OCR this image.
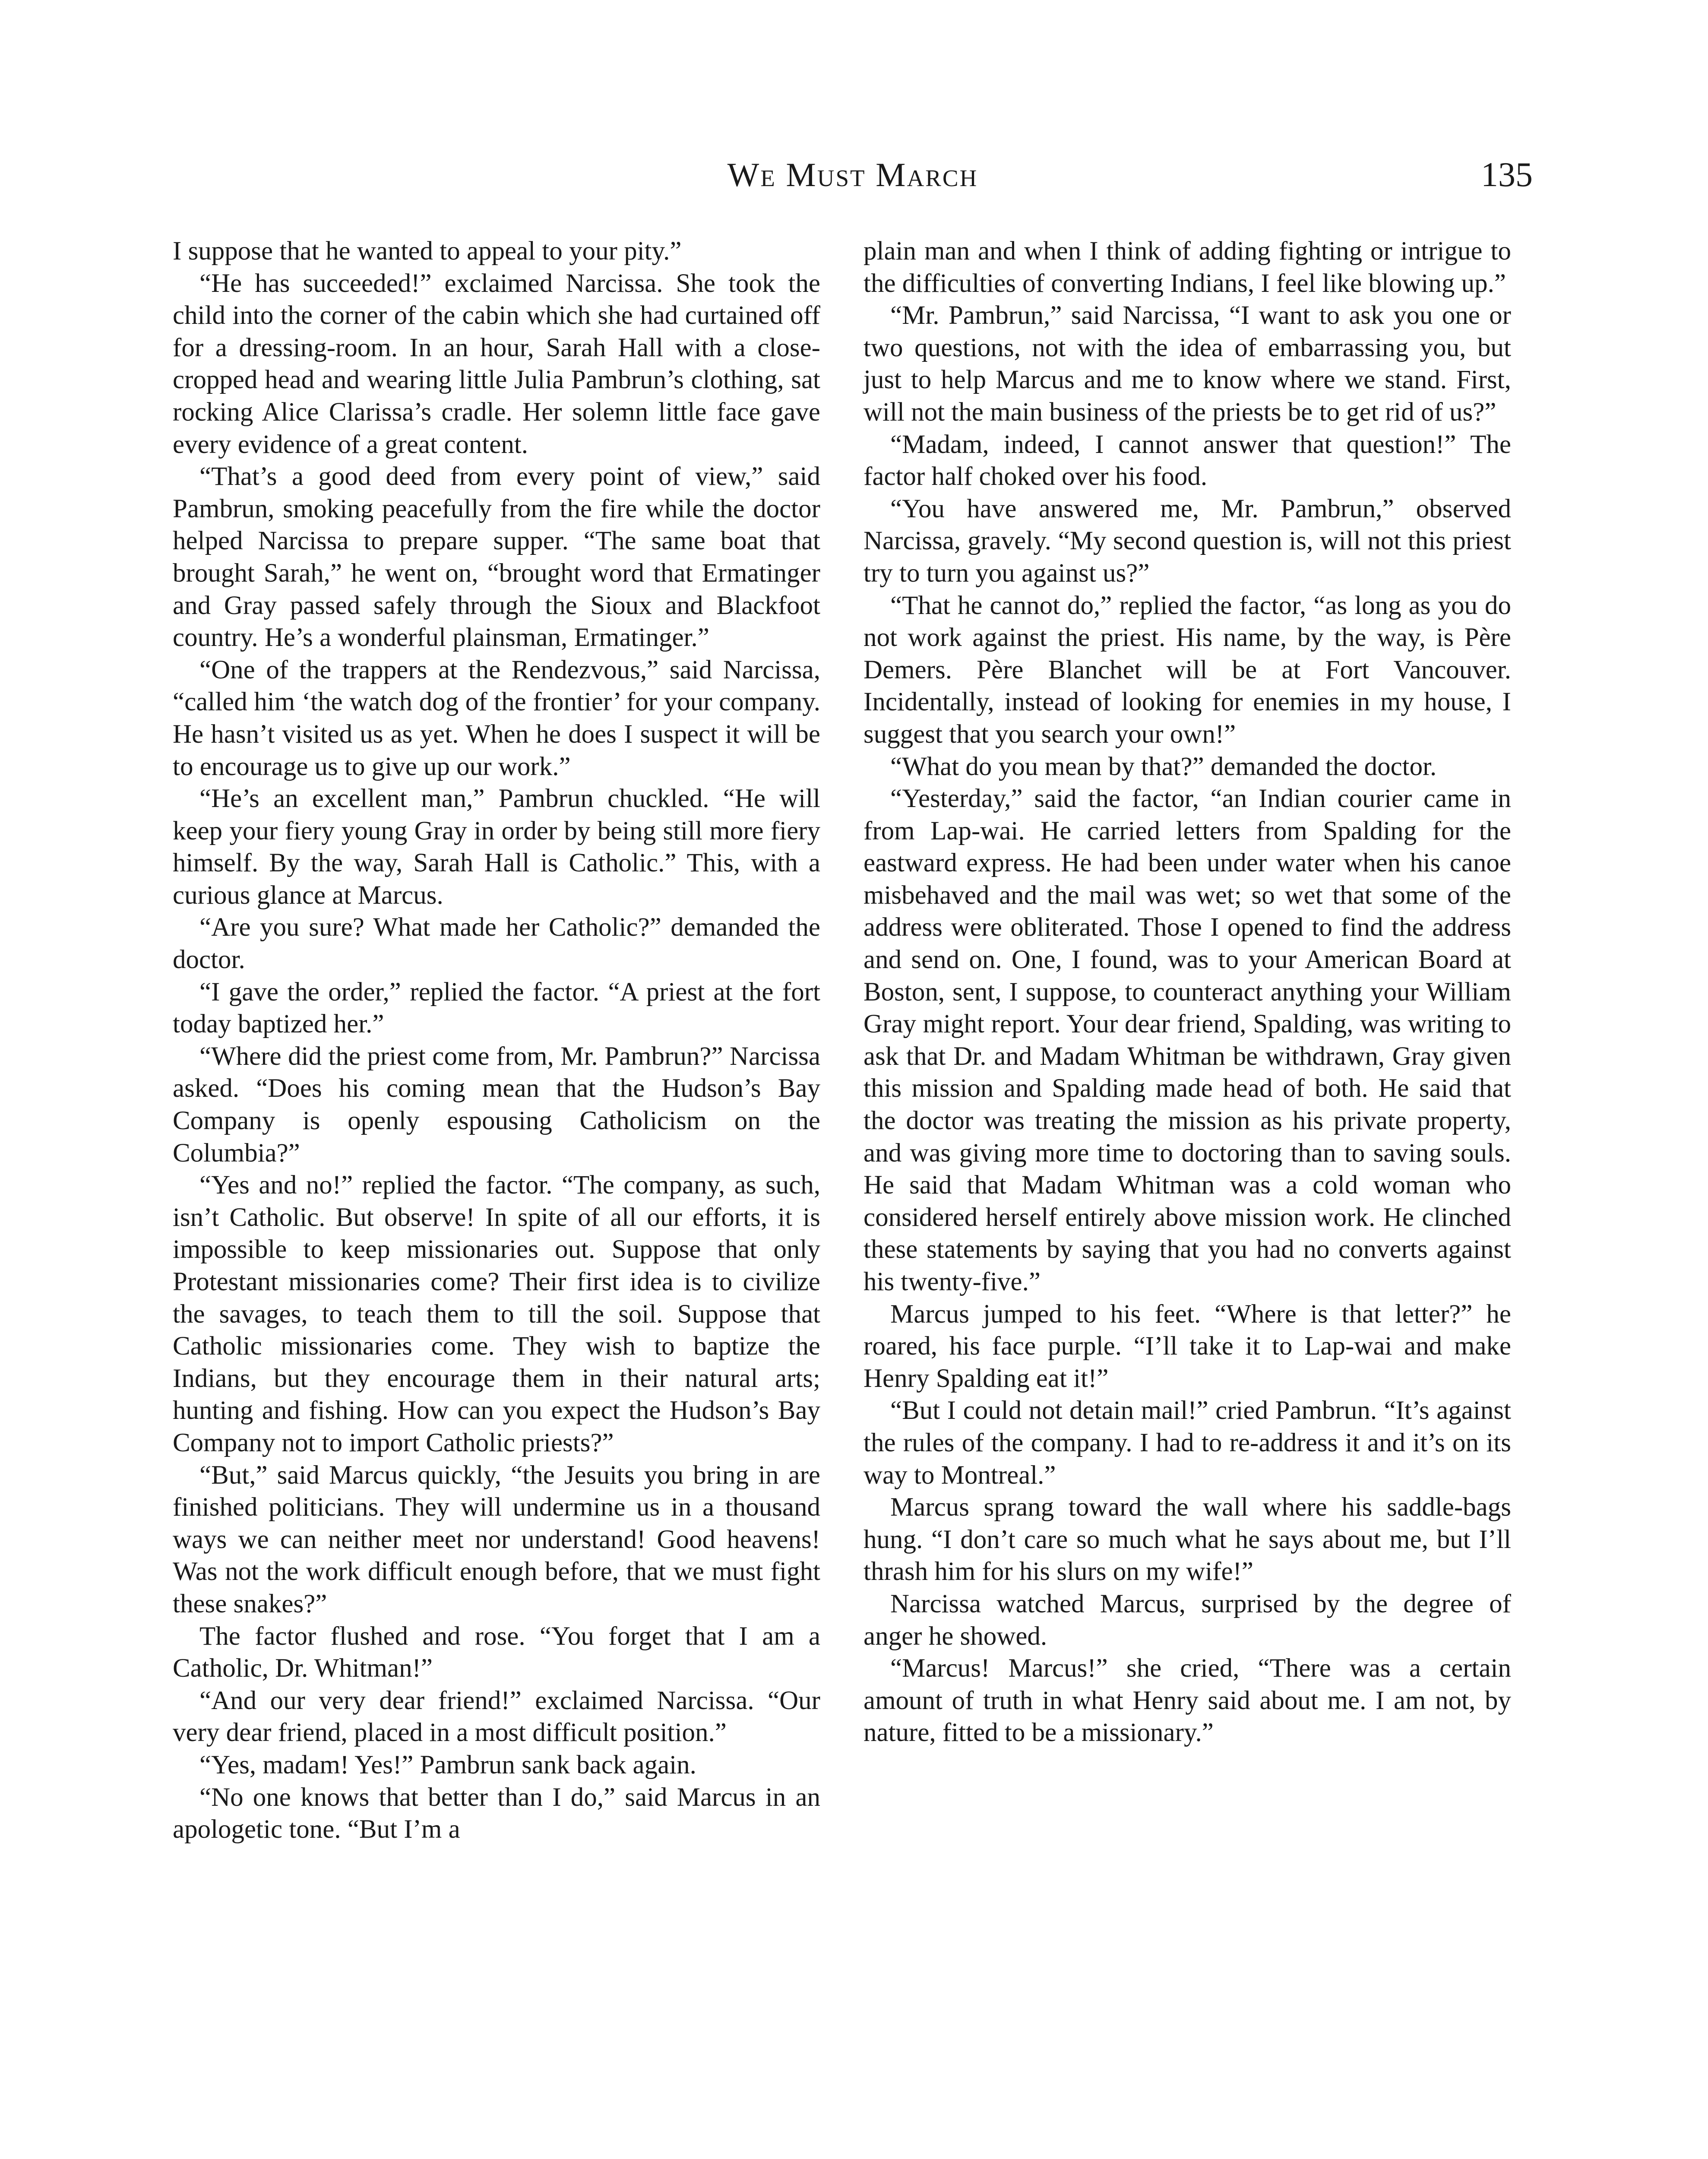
We Must March	135

I suppose that he wanted to appeal to your pity.”

“He has succeeded!” exclaimed Narcissa. She took the child into the corner of the cabin which she had curtained off for a dressing-room. In an hour, Sarah Hall with a close-cropped head and wearing little Julia Pambrun’s clothing, sat rocking Alice Clarissa’s cradle. Her solemn little face gave every evidence of a great content.

“That’s a good deed from every point of view,” said Pambrun, smoking peacefully from the fire while the doctor helped Narcissa to prepare supper. “The same boat that brought Sarah,” he went on, “brought word that Ermatinger and Gray passed safely through the Sioux and Blackfoot country. He’s a wonderful plainsman, Ermatinger.”

“One of the trappers at the Rendezvous,” said Narcissa, “called him ‘the watch dog of the frontier’ for your company. He hasn’t visited us as yet. When he does I suspect it will be to encourage us to give up our work.”

“He’s an excellent man,” Pambrun chuckled. “He will keep your fiery young Gray in order by being still more fiery himself. By the way, Sarah Hall is Catholic.” This, with a curious glance at Marcus.

“Are you sure? What made her Catholic?” demanded the doctor.

“I gave the order,” replied the factor. “A priest at the fort today baptized her.”

“Where did the priest come from, Mr. Pambrun?” Narcissa asked. “Does his coming mean that the Hudson’s Bay Company is openly espousing Catholicism on the Columbia?”

“Yes and no!” replied the factor. “The company, as such, isn’t Catholic. But observe! In spite of all our efforts, it is impossible to keep missionaries out. Suppose that only Protestant missionaries come? Their first idea is to civilize the savages, to teach them to till the soil. Suppose that Catholic missionaries come. They wish to baptize the Indians, but they encourage them in their natural arts; hunting and fishing. How can you expect the Hudson’s Bay Company not to import Catholic priests?”

“But,” said Marcus quickly, “the Jesuits you bring in are finished politicians. They will undermine us in a thousand ways we can neither meet nor understand! Good heavens! Was not the work difficult enough before, that we must fight these snakes?”

The factor flushed and rose. “You forget that I am a Catholic, Dr. Whitman!”

“And our very dear friend!” exclaimed Narcissa. “Our very dear friend, placed in a most difficult position.”

“Yes, madam! Yes!” Pambrun sank back again.

“No one knows that better than I do,” said Marcus in an apologetic tone. “But I’m a

plain man and when I think of adding fighting or intrigue to the difficulties of converting Indians, I feel like blowing up.”

“Mr. Pambrun,” said Narcissa, “I want to ask you one or two questions, not with the idea of embarrassing you, but just to help Marcus and me to know where we stand. First, will not the main business of the priests be to get rid of us?”

“Madam, indeed, I cannot answer that question!” The factor half choked over his food.

“You have answered me, Mr. Pambrun,” observed Narcissa, gravely. “My second question is, will not this priest try to turn you against us?”

“That he cannot do,” replied the factor, “as long as you do not work against the priest. His name, by the way, is Père Demers. Père Blanchet will be at Fort Vancouver. Incidentally, instead of looking for enemies in my house, I suggest that you search your own!”

“What do you mean by that?” demanded the doctor.

“Yesterday,” said the factor, “an Indian courier came in from Lap-wai. He carried letters from Spalding for the eastward express. He had been under water when his canoe misbehaved and the mail was wet; so wet that some of the address were obliterated. Those I opened to find the address and send on. One, I found, was to your American Board at Boston, sent, I suppose, to counteract anything your William Gray might report. Your dear friend, Spalding, was writing to ask that Dr. and Madam Whitman be withdrawn, Gray given this mission and Spalding made head of both. He said that the doctor was treating the mission as his private property, and was giving more time to doctoring than to saving souls. He said that Madam Whitman was a cold woman who considered herself entirely above mission work. He clinched these statements by saying that you had no converts against his twenty-five.”

Marcus jumped to his feet. “Where is that letter?” he roared, his face purple. “I’ll take it to Lap-wai and make Henry Spalding eat it!”

“But I could not detain mail!” cried Pambrun. “It’s against the rules of the company. I had to re-address it and it’s on its way to Montreal.”

Marcus sprang toward the wall where his saddle-bags hung. “I don’t care so much what he says about me, but I’ll thrash him for his slurs on my wife!”

Narcissa watched Marcus, surprised by the degree of anger he showed.

“Marcus! Marcus!” she cried, “There was a certain amount of truth in what Henry said about me. I am not, by nature, fitted to be a missionary.”
